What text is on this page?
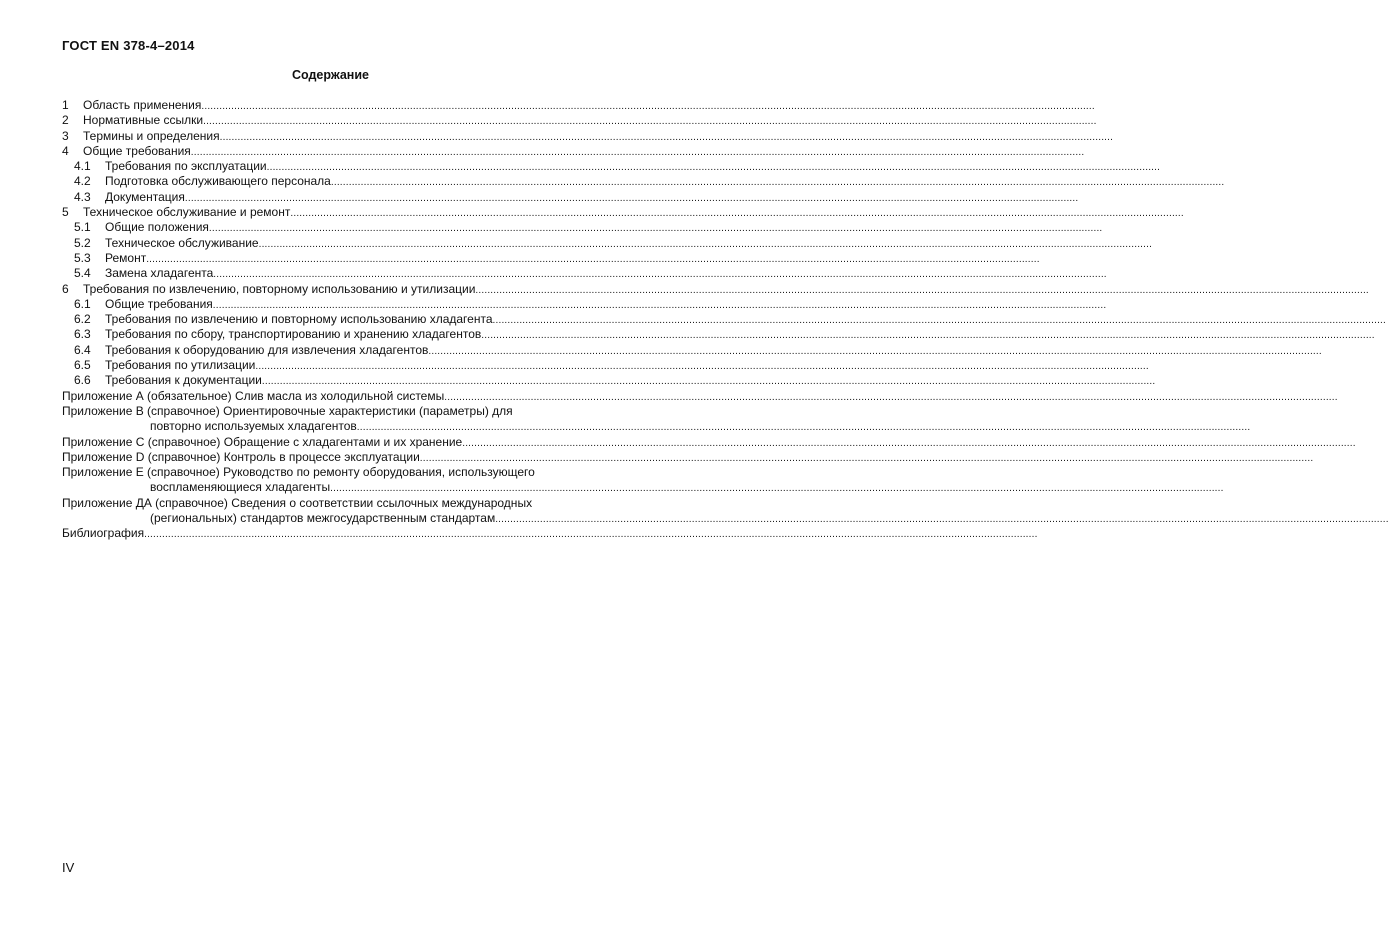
ГОСТ EN 378-4–2014
Содержание
1 Область применения ............................................................................................................................................................................................................................................................................................................
2 Нормативные ссылки ............................................................................................................................................................................................................................................................................................................
3 Термины и определения ............................................................................................................................................................................................................................................................................................................
4 Общие требования ............................................................................................................................................................................................................................................................................................................
4.1 Требования по эксплуатации ............................................................................................................................................................................................................................................................................................................
4.2 Подготовка обслуживающего персонала ............................................................................................................................................................................................................................................................................................................
4.3 Документация ............................................................................................................................................................................................................................................................................................................
5 Техническое обслуживание и ремонт ............................................................................................................................................................................................................................................................................................................
5.1 Общие положения ............................................................................................................................................................................................................................................................................................................
5.2 Техническое обслуживание ............................................................................................................................................................................................................................................................................................................
5.3 Ремонт ............................................................................................................................................................................................................................................................................................................
5.4 Замена хладагента ............................................................................................................................................................................................................................................................................................................
6 Требования по извлечению, повторному использованию и утилизации ............................................................................................................................................................................................................................................................................................................
6.1 Общие требования ............................................................................................................................................................................................................................................................................................................
6.2 Требования по извлечению и повторному использованию хладагента ............................................................................................................................................................................................................................................................................................................
6.3 Требования по сбору, транспортированию и хранению хладагентов ............................................................................................................................................................................................................................................................................................................
6.4 Требования к оборудованию для извлечения хладагентов ............................................................................................................................................................................................................................................................................................................
6.5 Требования по утилизации ............................................................................................................................................................................................................................................................................................................
6.6 Требования к документации ............................................................................................................................................................................................................................................................................................................
Приложение А (обязательное) Слив масла из холодильной системы ............................................................................................................................................................................................................................................................................................................
Приложение В (справочное) Ориентировочные характеристики (параметры) для
повторно используемых хладагентов ............................................................................................................................................................................................................................................................................................................
Приложение С (справочное) Обращение с хладагентами и их хранение ............................................................................................................................................................................................................................................................................................................
Приложение D (справочное) Контроль в процессе эксплуатации ............................................................................................................................................................................................................................................................................................................
Приложение E (справочное) Руководство по ремонту оборудования, использующего
воспламеняющиеся хладагенты ............................................................................................................................................................................................................................................................................................................
Приложение ДА (справочное) Сведения о соответствии ссылочных международных
(региональных) стандартов межгосударственным стандартам ............................................................................................................................................................................................................................................................................................................
Библиография ............................................................................................................................................................................................................................................................................................................
IV
